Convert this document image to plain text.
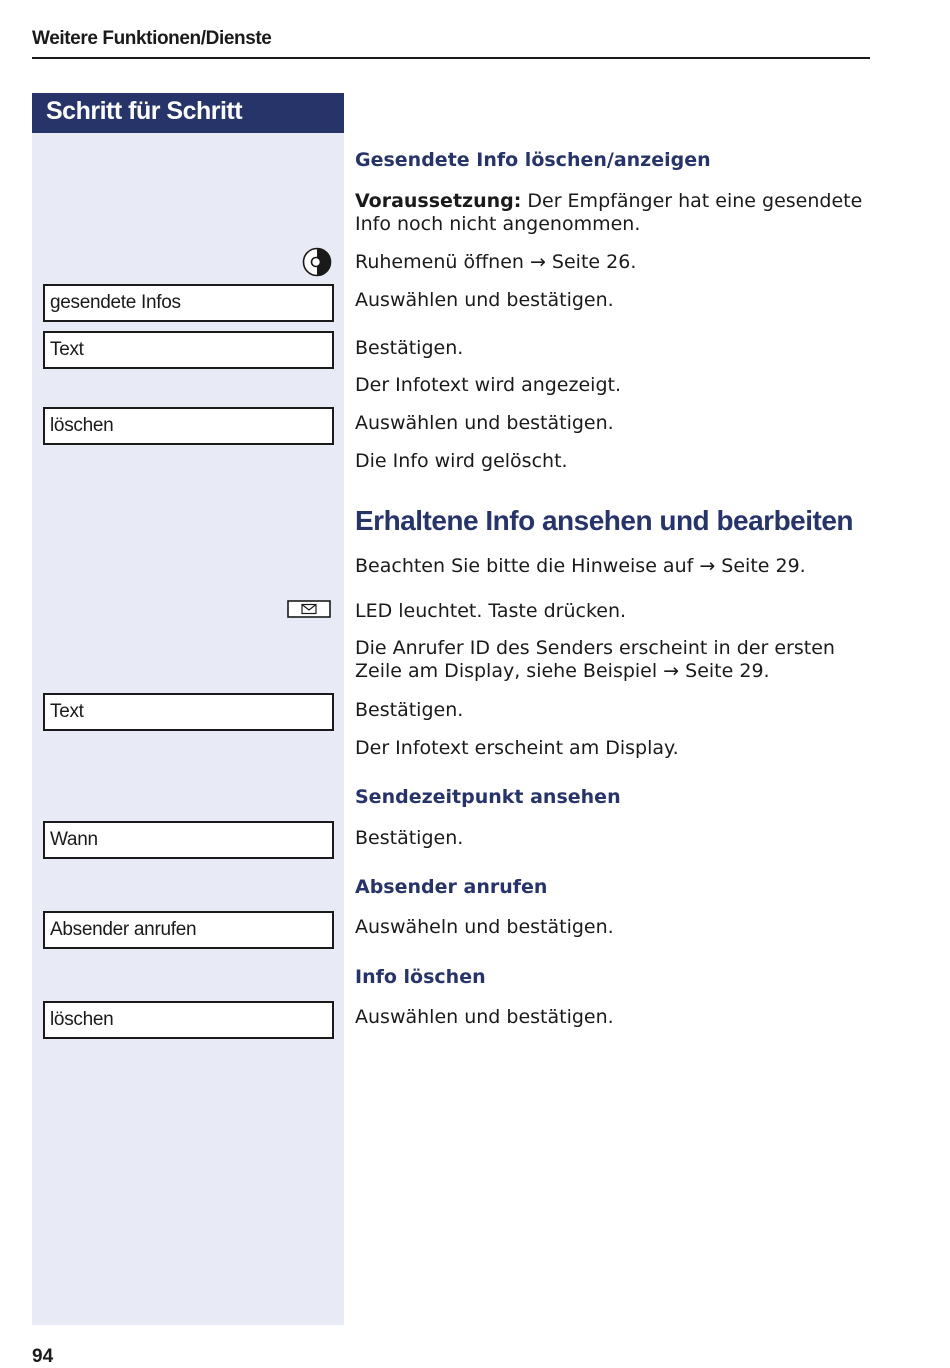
Weitere Funktionen/Dienste
Schritt für Schritt
gesendete Infos
Text
löschen
Text
Wann
Absender anrufen
löschen
Gesendete Info löschen/anzeigen
Voraussetzung: Der Empfänger hat eine gesendete Info noch nicht angenommen.
Ruhemenü öffnen → Seite 26.
Auswählen und bestätigen.
Bestätigen.
Der Infotext wird angezeigt.
Auswählen und bestätigen.
Die Info wird gelöscht.
Erhaltene Info ansehen und bearbeiten
Beachten Sie bitte die Hinweise auf → Seite 29.
LED leuchtet. Taste drücken.
Die Anrufer ID des Senders erscheint in der ersten Zeile am Display, siehe Beispiel → Seite 29.
Bestätigen.
Der Infotext erscheint am Display.
Sendezeitpunkt ansehen
Bestätigen.
Absender anrufen
Auswäheln und bestätigen.
Info löschen
Auswählen und bestätigen.
94
